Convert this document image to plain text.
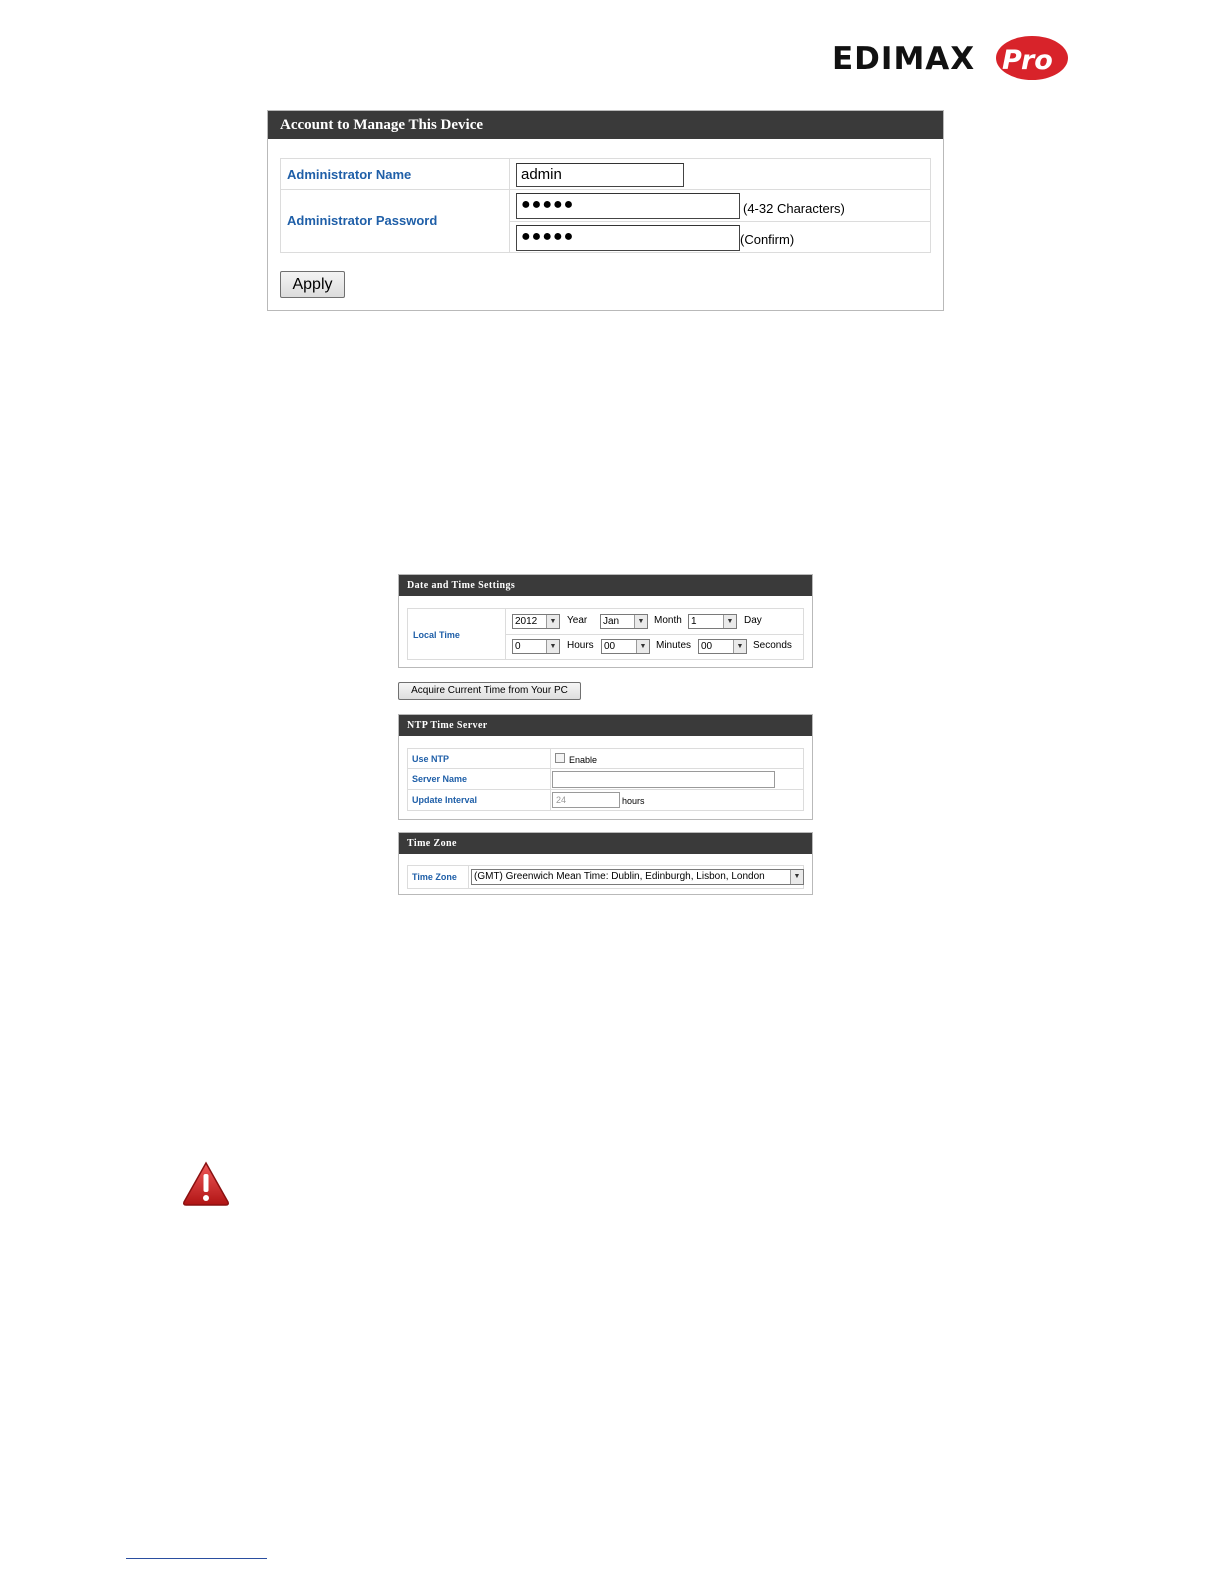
EDIMAX Pro
Account to Manage This Device
Administrator Name	admin
Administrator Password
●●●●●	(4-32 Characters)
●●●●●	(Confirm)
Apply
Date and Time Settings
Local Time
2012	▼ Year	Jan	▼ Month 1	▼ Day
0	▼ Hours	00	▼ Minutes 00	▼ Seconds
Acquire Current Time from Your PC
NTP Time Server
Use NTP	Enable
Server Name
Update Interval	24	hours
Time Zone
Time Zone	(GMT) Greenwich Mean Time: Dublin, Edinburgh, Lisbon, London	▼
